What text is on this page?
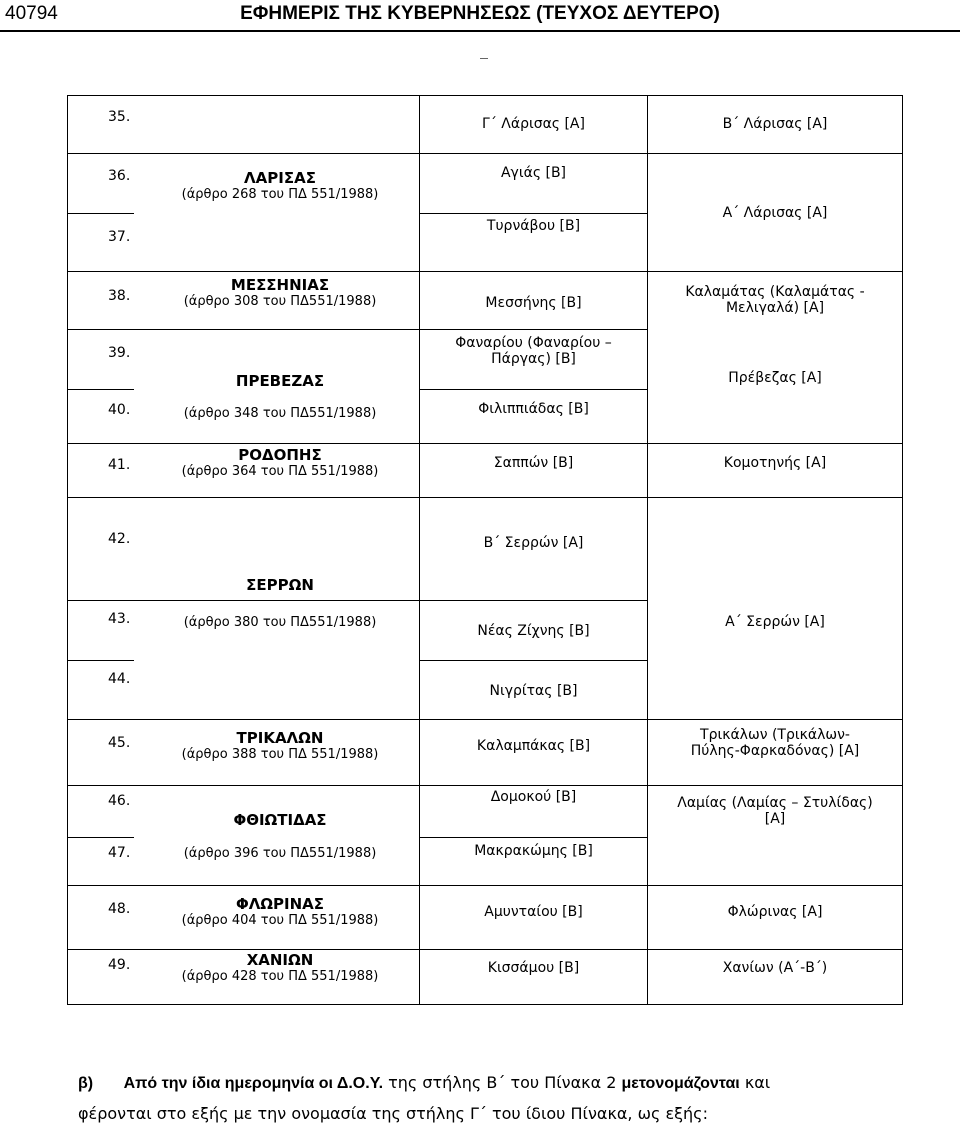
40794	ΕΦΗΜΕΡΙΣ ΤΗΣ ΚΥΒΕΡΝΗΣΕΩΣ (ΤΕΥΧΟΣ ΔΕΥΤΕΡΟ)
35.
36.
37.
38.
39.
40.
41.
42.
43.
44.
45.
46.
47.
48.
49.
ΛΑΡΙΣΑΣ
(άρθρο 268 του ΠΔ 551/1988)
ΜΕΣΣΗΝΙΑΣ
(άρθρο 308 του ΠΔ551/1988)
ΠΡΕΒΕΖΑΣ
(άρθρο 348 του ΠΔ551/1988)
ΡΟΔΟΠΗΣ
(άρθρο 364 του ΠΔ 551/1988)
ΣΕΡΡΩΝ
(άρθρο 380 του ΠΔ551/1988)
ΤΡΙΚΑΛΩΝ
(άρθρο 388 του ΠΔ 551/1988)
ΦΘΙΩΤΙΔΑΣ
(άρθρο 396 του ΠΔ551/1988)
ΦΛΩΡΙΝΑΣ
(άρθρο 404 του ΠΔ 551/1988)
ΧΑΝΙΩΝ
(άρθρο 428 του ΠΔ 551/1988)
Γ΄ Λάρισας [Α]
Αγιάς [Β]
Τυρνάβου [Β]
Μεσσήνης [Β]
Φαναρίου (Φαναρίου –
Πάργας) [Β]
Φιλιππιάδας [Β]
Σαππών [Β]
Β΄ Σερρών [Α]
Νέας Ζίχνης [Β]
Νιγρίτας [Β]
Καλαμπάκας [Β]
Δομοκού [Β]
Μακρακώμης [Β]
Αμυνταίου [Β]
Κισσάμου [Β]
Β΄ Λάρισας [Α]
Α΄ Λάρισας [Α]
Καλαμάτας (Καλαμάτας -
Μελιγαλά) [Α]
Πρέβεζας [Α]
Κομοτηνής [Α]
Α΄ Σερρών [Α]
Τρικάλων (Τρικάλων-
Πύλης-Φαρκαδόνας) [Α]
Λαμίας (Λαμίας – Στυλίδας)
[Α]
Φλώρινας [Α]
Χανίων (Α΄-Β΄)
β) Από την ίδια ημερομηνία οι Δ.Ο.Υ. της στήλης Β΄ του Πίνακα 2 μετονομάζονται και
φέρονται στο εξής με την ονομασία της στήλης Γ΄ του ίδιου Πίνακα, ως εξής:
